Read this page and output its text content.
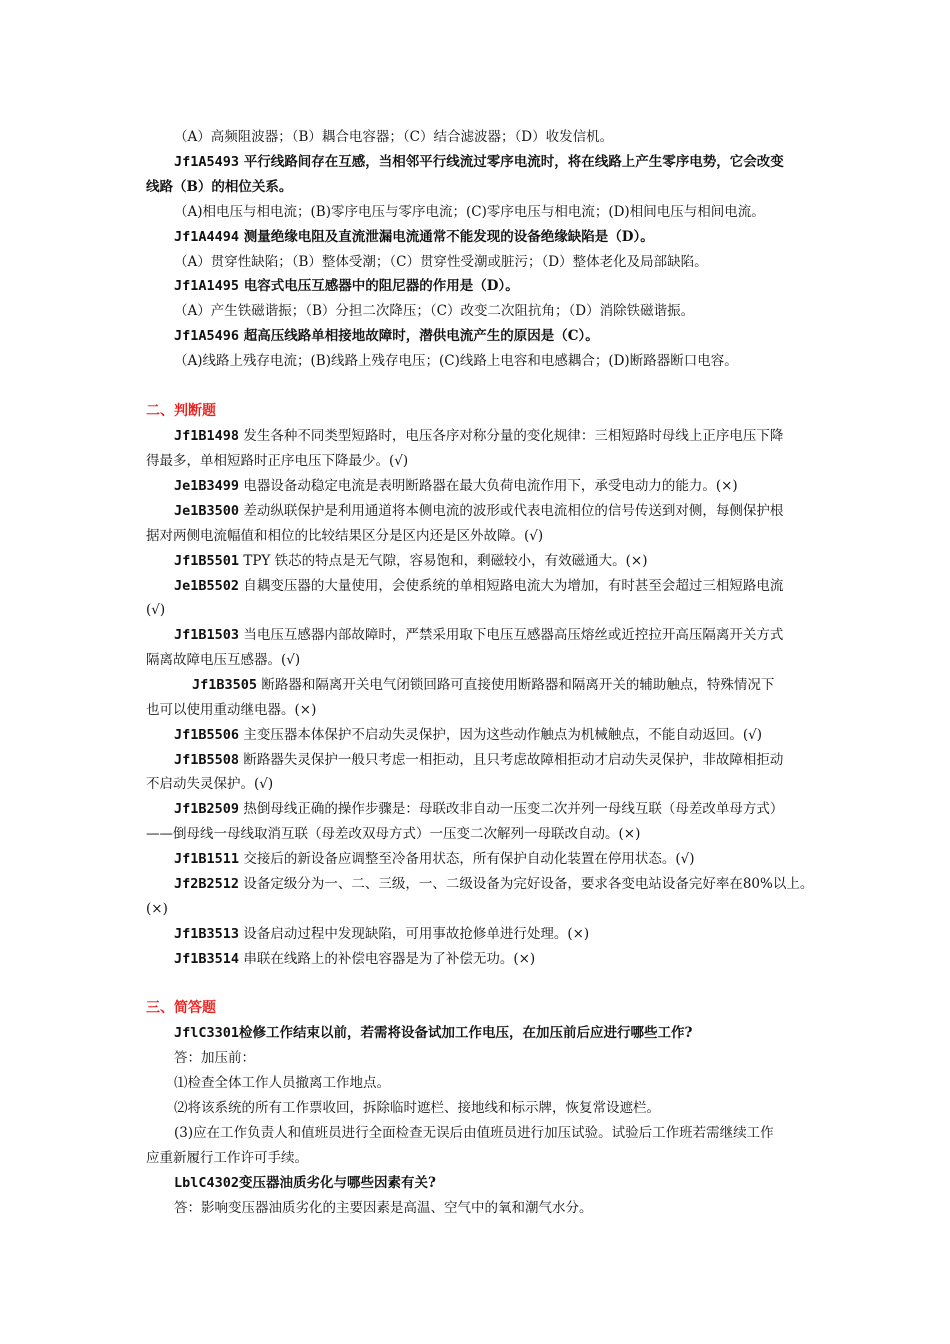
（A）高频阻波器；（B）耦合电容器；（C）结合滤波器；（D）收发信机。
Jf1A5493 平行线路间存在互感，当相邻平行线流过零序电流时，将在线路上产生零序电势，它会改变
线路（B）的相位关系。
（A)相电压与相电流；(B)零序电压与零序电流；(C)零序电压与相电流；(D)相间电压与相间电流。
Jf1A4494 测量绝缘电阻及直流泄漏电流通常不能发现的设备绝缘缺陷是（D）。
（A）贯穿性缺陷；（B）整体受潮；（C）贯穿性受潮或脏污；（D）整体老化及局部缺陷。
Jf1A1495 电容式电压互感器中的阻尼器的作用是（D）。
（A）产生铁磁谐振；（B）分担二次降压；（C）改变二次阻抗角；（D）消除铁磁谐振。
Jf1A5496 超高压线路单相接地故障时，潜供电流产生的原因是（C）。
（A)线路上残存电流；(B)线路上残存电压；(C)线路上电容和电感耦合；(D)断路器断口电容。
二、判断题
Jf1B1498 发生各种不同类型短路时，电压各序对称分量的变化规律：三相短路时母线上正序电压下降
得最多，单相短路时正序电压下降最少。(√)
Je1B3499 电器设备动稳定电流是表明断路器在最大负荷电流作用下，承受电动力的能力。(×)
Je1B3500 差动纵联保护是利用通道将本侧电流的波形或代表电流相位的信号传送到对侧，每侧保护根
据对两侧电流幅值和相位的比较结果区分是区内还是区外故障。(√)
Jf1B5501 TPY 铁芯的特点是无气隙，容易饱和，剩磁较小，有效磁通大。(×)
Je1B5502 自耦变压器的大量使用，会使系统的单相短路电流大为增加，有时甚至会超过三相短路电流
(√)
Jf1B1503 当电压互感器内部故障时，严禁采用取下电压互感器高压熔丝或近控拉开高压隔离开关方式
隔离故障电压互感器。(√)
Jf1B3505 断路器和隔离开关电气闭锁回路可直接使用断路器和隔离开关的辅助触点，特殊情况下
也可以使用重动继电器。(×)
Jf1B5506 主变压器本体保护不启动失灵保护，因为这些动作触点为机械触点，不能自动返回。(√)
Jf1B5508 断路器失灵保护一般只考虑一相拒动，且只考虑故障相拒动才启动失灵保护，非故障相拒动
不启动失灵保护。(√)
Jf1B2509 热倒母线正确的操作步骤是：母联改非自动一压变二次并列一母线互联（母差改单母方式）
——倒母线一母线取消互联（母差改双母方式）一压变二次解列一母联改自动。(×)
Jf1B1511 交接后的新设备应调整至冷备用状态，所有保护自动化装置在停用状态。(√)
Jf2B2512 设备定级分为一、二、三级，一、二级设备为完好设备，要求各变电站设备完好率在80%以上。
(×)
Jf1B3513 设备启动过程中发现缺陷，可用事故抢修单进行处理。(×)
Jf1B3514 串联在线路上的补偿电容器是为了补偿无功。(×)
三、简答题
JflC3301检修工作结束以前，若需将设备试加工作电压，在加压前后应进行哪些工作?
答：加压前：
⑴检查全体工作人员撤离工作地点。
⑵将该系统的所有工作票收回，拆除临时遮栏、接地线和标示牌，恢复常设遮栏。
(3)应在工作负责人和值班员进行全面检查无误后由值班员进行加压试验。试验后工作班若需继续工作
应重新履行工作许可手续。
LblC4302变压器油质劣化与哪些因素有关?
答：影响变压器油质劣化的主要因素是高温、空气中的氧和潮气水分。
